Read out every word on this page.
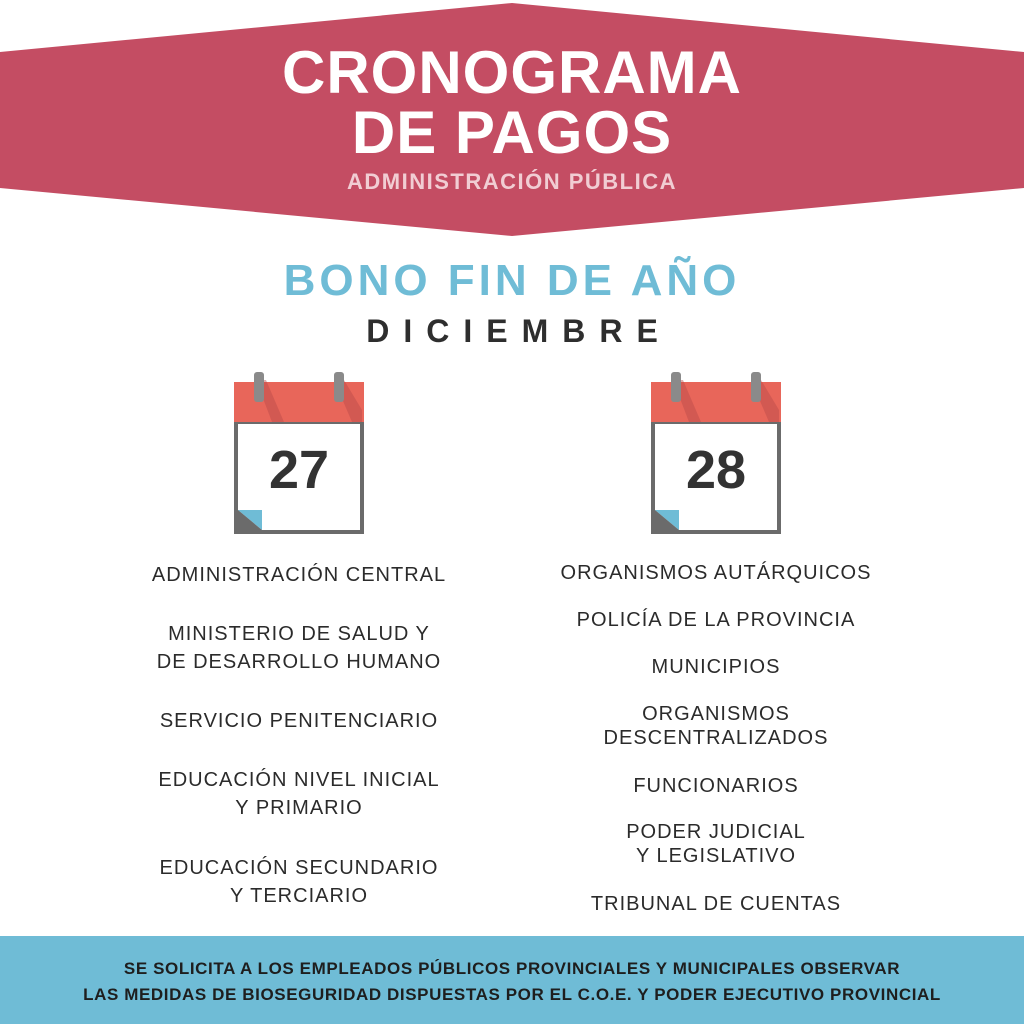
CRONOGRAMA
DE PAGOS
ADMINISTRACIÓN PÚBLICA
BONO FIN DE AÑO
DICIEMBRE
27	28
ADMINISTRACIÓN CENTRAL
MINISTERIO DE SALUD Y
DE DESARROLLO HUMANO
SERVICIO PENITENCIARIO
EDUCACIÓN NIVEL INICIAL
Y PRIMARIO
EDUCACIÓN SECUNDARIO
Y TERCIARIO
ORGANISMOS AUTÁRQUICOS
POLICÍA DE LA PROVINCIA
MUNICIPIOS
ORGANISMOS
DESCENTRALIZADOS
FUNCIONARIOS
PODER JUDICIAL
Y LEGISLATIVO
TRIBUNAL DE CUENTAS
SE SOLICITA A LOS EMPLEADOS PÚBLICOS PROVINCIALES Y MUNICIPALES OBSERVAR
LAS MEDIDAS DE BIOSEGURIDAD DISPUESTAS POR EL C.O.E. Y PODER EJECUTIVO PROVINCIAL
